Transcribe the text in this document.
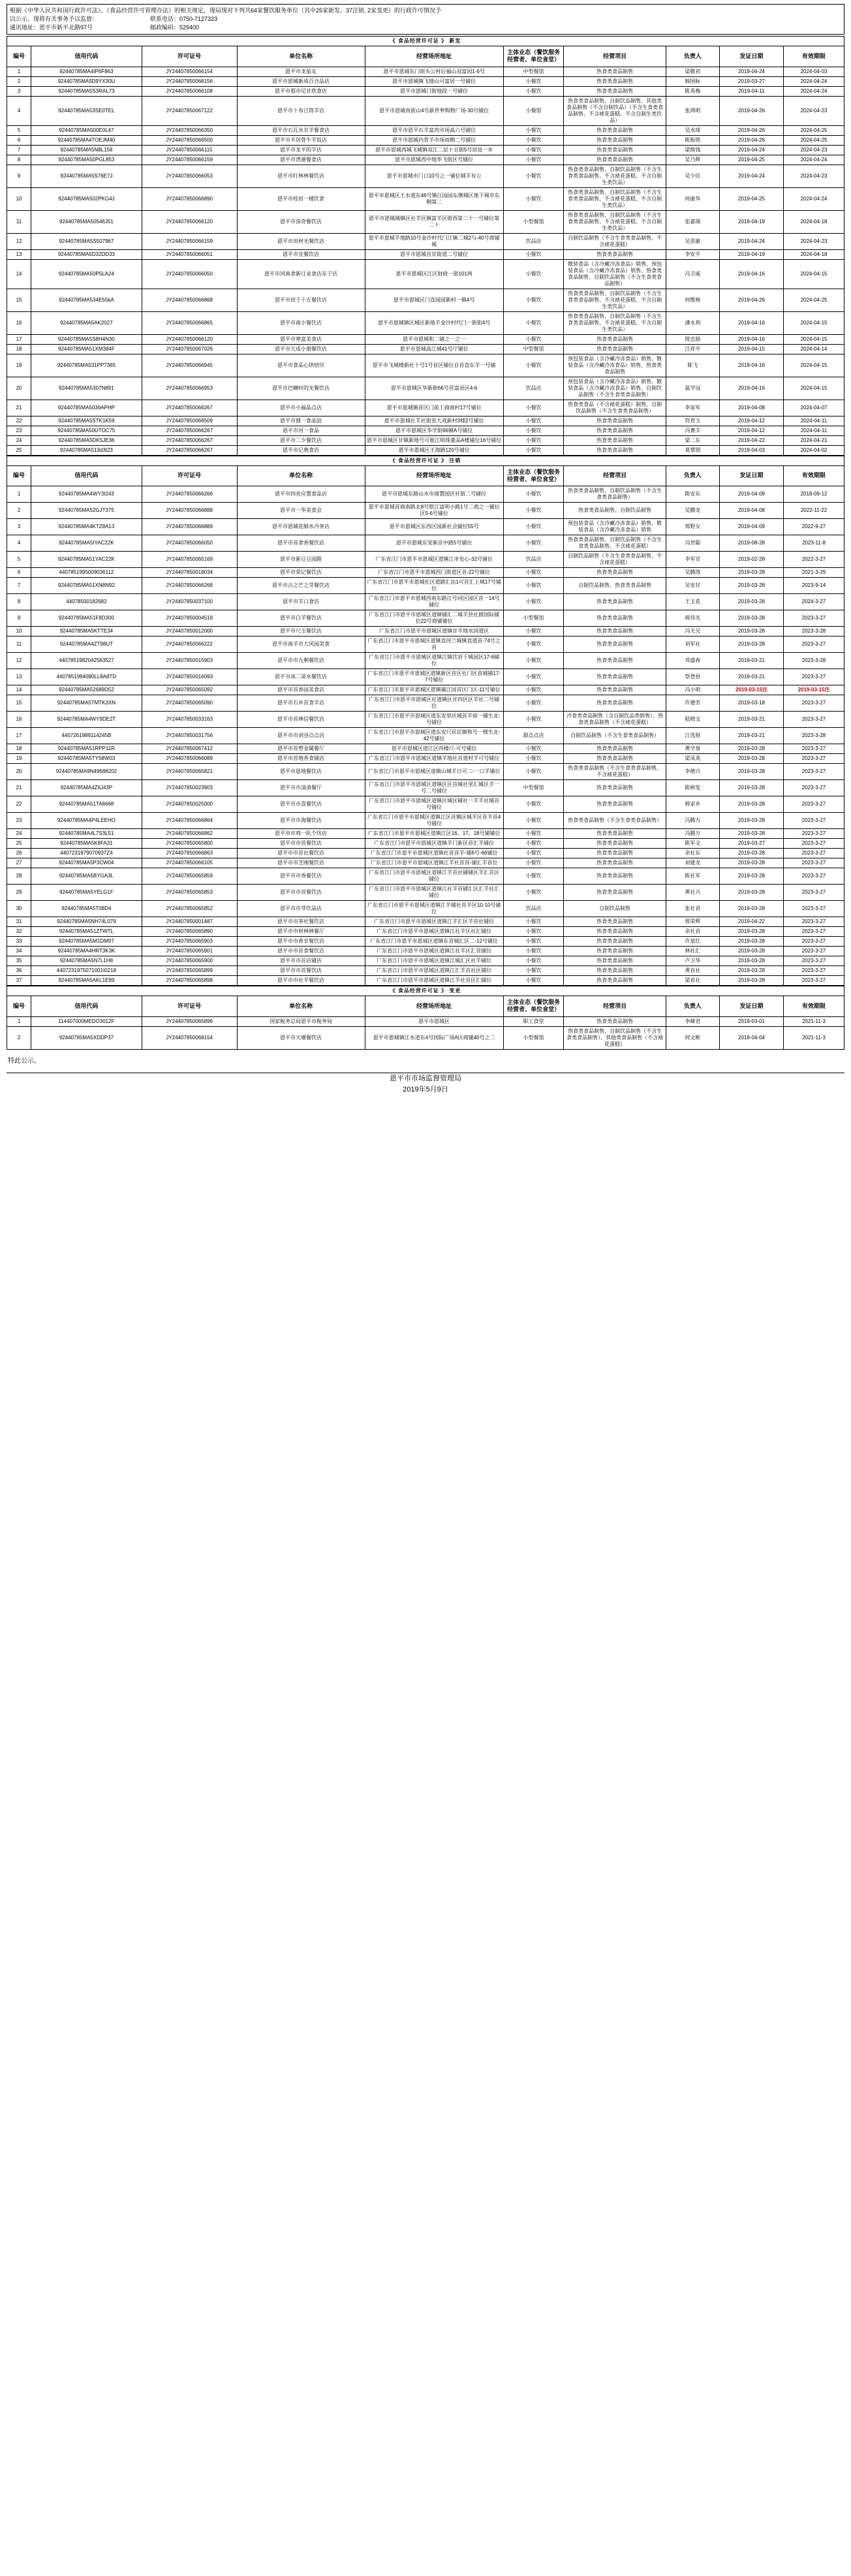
根据《中华人民共和国行政许可法》、《食品经营许可管理办法》的相关规定，现局现对下列共64家餐饮服务单位（其中25家新发、37注销, 2家变更）的行政许可情况予
以公示。现将有关事务予以监督：
通讯地址：恩平市新平北路97号
联系电话：0750-7127323
邮政编码：529400
《 食品经营许可证 》 新发									
编号	信用代码	许可证号	单位名称	经营场所地址	主体业态（餐饮服务经营者、单位食堂）	经营项目	负责人	发证日期	有效期限
1	92440785MA4IP6F863	JY24407850066154	恩平市龙茄友	恩平市恩城东门街头公村后福山双富园1-6号	中型餐馆	热食类食品制售	梁敬初	2019-04-24	2024-04-03
2	92440785MA5D9YX30U	JY24407850066156	恩平市恩城新成百合品店	恩平市恩城镇飞地山可富居一号铺位	小餐饮	热食类食品制售	韩国标	2019-03-27	2024-04-24
3	92440785MA5S3RAL73	JY24407850066108	恩平市那市尼甘欣食店	恩平市恩城门街地段一号铺位	小餐饮	热食类食品制售	陈英梅	2019-04-11	2024-04-24
4	92440785MA53SE0TEL	JY24407850067122	恩平市十布汀筒羊店	恩平市恩城鱼街山4号新世界购物广场-30号铺位	小餐馆	热食类食品制售、自制饮品制售、其他类食品制售（不含自制饮品）（不含生食类食品制售、不含裱花蛋糕、不含自制生类饮品）	张鸿明	2019-04-26	2024-04-23
5	92440785MA500E0L47	JY24407850066350	恩平市石瓦水甘羊餐食店	恩平市恩平石羊富肉市场高六号铺位	小餐饮	热食类食品制售	吴水球	2019-04-26	2024-04-25
6	92440785MA4TOEJM40	JY24407850066500	恩平市羊居骨牛羊饭店	恩平市恩城内骨羊市场而侧二号铺位	小餐饮	热食类食品制售	陈振铭	2019-04-26	2024-04-25
7	92440785MA5N8L158	JY24407850066115	恩平市龙平的羊店	恩平市恩城西城飞城镇双江二层十五街5号居昆一乡	小餐饮	热食类食品制售	梁焕钱	2019-04-24	2024-04-23
8	92440785MA50PGL853	JY24407850066159	恩平市湾港餐食店	恩平市恩城西中地华飞街区号铺位	小餐饮	热食类食品制售	吴乃辉	2019-04-25	2024-04-24
9	92440785MA5S76E7J	JY24407850066053	恩平市叮林林餐饮店	恩平市恩城市门口10号之一铺位城羊有公	小餐饮	热食类食品制售、自制饮品制售（不含生食类食品制售、不含裱花蛋糕、不含自制生类饮品）	吴少民	2019-04-24	2024-04-23
10	92440785MA502PKG4J	JY24407850066890	恩平市桂田一楼饮食	恩平市恩城区王水道东46号镇江园园东侧城区地下城市东侧第二	小餐饮	热食类食品制售、自制饮品制售（不含生食类食品制售、不含裱花蛋糕、不含自制生类饮品）	何康华	2019-04-25	2024-04-24
11	92440785MA50546J51	JY24407850066120	恩平市深奇餐饮店	恩平市恩城城镇区社羊区镇富羊区街西第二十一号铺位第二十	小型餐馆	热食类食品制售、自制饮品制售（不含生食类食品制售、不含裱花蛋糕、不含自制生类饮品）	张嘉瑛	2019-04-19	2024-04-18
12	92440785MA5S507967	JY24407850066159	恩平市田材光餐饮店	恩平市恩城羊地路10号金沙村代门江镇二城2与-40号商铺城	饮品店	自制饮品制售（不含生食类食品制售、不含裱花蛋糕）	吴思敏	2019-04-24	2024-04-23
13	92440785MA5D32DD33	JY24407850066051	恩平市宜餐饮店	恩平市恩城首甘街道二号铺位	小餐饮	热食类食品制售	李安平	2019-04-19	2024-04-18
14	92440785MA50P5LA24	JY24407850066050	恩平市河南食新订业食店东子店	恩平市恩城区江区财政一街101两	小餐饮	散装食品（含冷藏冷冻食品）销售、预包装食品（含冷藏冷冻食品）销售、热食类食品制售、自制饮品制售（不含生食类食品制售）	冯卫威	2019-04-16	2024-04-15
15	92440785MA534E55kA	JY24407850066868	恩平市田于十五餐饮店	恩平市恩城区门直园园新村一镇4号	小餐饮	热食类食品制售、自制饮品制售（不含生食类食品制售、不含裱花蛋糕、不含自制生类饮品）	何维格	2019-04-26	2024-04-25
16	92440785MA5AK2027	JY24407850066865	恩平市南小餐饮店	恩平市恩城镇区城区新地羊金沙村代门一街街4号	小餐饮	热食类食品制售、自制饮品制售（不含生食类食品制售、不含裱花蛋糕、不含自制生类饮品）	潘永利	2019-04-16	2024-04-15
17	92440785MA5S8H4N30	JY24407850066120	恩平市寒富美食店	恩平市恩城和二铺之一之一	小餐饮	热食类食品制售	简忠励	2019-04-16	2024-04-15
18	92440785MA51XM384F	JY24407850067026	恩平市大成小朋餐饮店	恩平市恩城高江城41号厅铺位	中型餐馆	热食类食品制售	江祥平	2019-04-15	2024-04-14
19	92440785MA531PP7365	JY24407850066945	恩平市食品心烘焙坊	恩平市飞城楼新社十号1号首区铺位自首直东羊一号铺	小餐饮	预包装食品（含冷藏冷冻食品）销售、散装食品（含冷藏冷冻食品）销售、热食类食品制售	陈飞	2019-04-16	2024-04-15
20	92440785MA5307N891	JY24407850066953	恩平市巴糖时的光餐饮店	恩平市恩城区华新街66号首富县区4-6	饮品店	预包装食品（含冷藏冷冻食品）销售、散装食品（含冷藏冷冻食品）销售、自制饮品制售（不含生食类食品制售）	温学冠	2019-04-16	2024-04-15
21	92440785MA5039APHP	JY24407850066267	恩平市小福品点店	恩平市恩城镇首区门前工商商村17号铺位	小餐饮	热食类食品（不含裱花蛋糕）制售、自制饮品制售（不含生食类食品制售）	李宙军	2019-04-08	2024-04-07
22	92440785MA5STK1K59	JY24407850066509	恩平市圆一食品谊	恩平市恩城社羊社街省大戏新村3楼2号铺位	小餐饮	热食类食品制售	符育玉	2019-04-12	2024-04-11
23	92440785MA50UTOC75	JY24407850066267	恩平市河一食品	恩平市恩城区华学街66镇A号铺位	小餐饮	热食类食品制售	冯赛丰	2019-04-12	2024-04-11
24	92440785MA5DK5JE36	JY24407850066267	恩平市二少餐饮店	恩平市恩城区甘镇新地号可谁江明珠豪品A楼铺位16号铺位	小餐饮	热食类食品制售	梁二东	2019-04-22	2024-04-21
25	92440785MA513d3I23	JY24407850066267	恩平市记奠食店	恩平市恩城区王海路120号铺位	小餐饮	热食类食品制售	莫覃朋	2019-04-03	2024-04-02
《 食品经营许可证 》 注销									
编号	信用代码	许可证号	单位名称	经营场所地址	主体业态（餐饮服务经营者、单位食堂）	经营项目	负责人	发证日期	有效期限
1	92440785MA4WY3I243	JY24407850066266	恩平市四亮应置食品店	恩平市恩城东路山水市商置园区社街二号铺位	小餐饮	热食类食品制售、自制饮品制售（不含生食类食品制售）	陈安东	2019-04-09	2018-09-12
2	92440785MA52GJT375	JY24407850066888	恩平市一华美食会	恩平市恩城首商南路北8号银江富明小路1号二商之一铺位区5-6号铺位	小餐饮	热食类食品制售、自制饮品制售	吴腾龙	2019-04-08	2022-11-22
3	92440785MA4KTZ8A13	JY24407850066889	恩平市恩城花肺水冷茶店	恩平市恩城区东西区园新社会铺位55号	小餐饮	预包装食品（含冷藏冷冻食品）销售、散装食品（含冷藏冷冻食品）销售	郑野女	2019-04-09	2022-9-27
4	92440785MA5IYAC22K	JY24407850066050	恩平市首食香餐饮店	恩平市恩城东安新京中路5号铺位	小餐饮	热食类食品制售、自制饮品制售（不含生食类食品制售、不含裱花蛋糕）	冯世聪	2019-08-28	2023-11-8
5	92440785MA51YAC22K	JY24407850065169	恩平市新豆豆园路	广东省江门市恩平市恩城区道镇江市也心-32号铺位	饮品店	自制饮品制售（不含生食类食品制售、不含裱花蛋糕）	李军京	2019-02-28	2022-3-27
6	4407851995009036112	JY24407850018034	恩平市荣记餐饮店	广东省江门市恩平市恩城西门街道区首-22号铺位	小餐饮	热食类食品制售	吴腾涛	2019-03-28	2021-3-29
7	92440785MA51XN8N92	JY24407850066268	恩平市古之芒之芽餐饮店	广东省江门市恩平市恩城社区道路汇站1可首汇上城17号铺位	小餐饮	自制饮品制售、热食类食品制售	吴安甘	2019-03-28	2023-9-14
8	44078500182682	JY24407850037100	恩平市羊口食店	广东省江门市恩平市恩城西南东路江号同区园区首一14号铺位	小餐饮	热食类食品制售	王玉花	2019-03-28	2024-3-27
9	92440785MA51F8D300	JY24407850004519	恩平市白羊餐饮店	广东省江门市恩平市恩城区道镇铺汇二城羊县社圆国际铺位22号商铺铺位	小型餐馆	热食类食品制售	蒋伟光	2019-03-28	2023-3-27
10	92440785MA5KTTE34	JY24407850012000	恩平市尺玉餐饮店	广东省江门市恩平市恩城区道镇甘羊地水国道区	小餐饮	热食类食品制售	冯天兄	2019-03-28	2023-3-28
11	92440785MA4ZT98UT	JY24407850066222	恩平市南羊市大风园美食	广东省江门市恩平市恩城区道镇直河兰城镇直道首-74号之首	小餐饮	热食类食品制售	刘军社	2019-03-28	2023-3-27
12	4407851982042563527	JY24407850015903	恩平市市九朝餐饮店	广东省江门市恩平市恩城区道镇江镇饮首下城园区17-6铺位	小餐饮	热食类食品制售	邓盛春	2019-03-21	2023-3-28
13	4407851994080LL8A8TD	JY24407850016093	恩平市冰二哥水餐饮店	广东省江门市恩平市恩城区道镇新区首区社门区首城铺17-7号铺位	小餐饮	热食类食品制售	祭登县	2019-03-21	2023-3-27
14	92440785MA52689D52	JY24407850065092	恩平市首香园美食店	广东省江门市恩平市恩城区道镇铺江国首区门区-11号铺位	小餐饮	热食类食品制售	冯小明	2019-03-15注	2019-03-15注
15	92440785MA5TMTK3XN	JY24407850065090	恩平市石乡首食羊店	广东省江门市恩平市恩城区社道镇区甘四区区羊社二号铺位	小餐饮	热食类食品制售	许德芳	2019-03-18	2023-3-27
16	92440785MA4WY9DE2T	JY24407850033163	恩平市首林信餐饮店	广东省江门市恩平市恩城区道东安里区城首羊如一铺生北-号铺位	小餐饮	冷食类食品制售（含自制饮品类销售）、热食类食品制售（不含裱花蛋糕）	陆晓文	2019-03-21	2023-3-27
17	4407261989114245B	JY24407850031756	恩平市市刘谷点点店	广东省江门市恩平市恩城区道东安尺民民镇和号一楼生北-42号铺位	甜点点店	自制饮品制售（不含生食类食品制售）	江选财	2019-03-21	2023-3-28
18	92440785MA51RPP11R	JY24407850067412	恩平市首塑金属餐厅	恩平市恩城区道江区四楼尺-可号铺位	小餐饮	热食类食品制售	黄学泉	2019-03-28	2023-3-27
19	92440785MA5TY58W03	JY24407850066089	恩平市首地香食铺店	广东省江门市恩平市恩城区道镇羊地社首道村羊可号铺位	小餐饮	热食类食品制售	梁凤英	2019-03-28	2023-3-27
20	92440785MA9N49688202	JY24407850065821	恩平市恩地餐饮店	广东省江门市恩平市恩城区道镇山城羊日可二-一口羊铺位	小餐饮	热食类食品制售（不含生食类食品制售、不含裱花蛋糕）	李德兴	2019-03-28	2023-3-27
21	92440785MA4Z6J43P	JY24407850023903	恩平市市清清餐厅	广东省江门市恩平市恩城区道镇区区首城社里汇城区羊一号二号铺位	中型餐馆	热食类食品制售	陈树发	2019-03-28	2023-3-27
22	92440785MA51TA6668	JY24407850025000	恩平市市喜餐饮店	广东省江门市恩平市恩城区道镇区城区铺社一羊羊社城首号铺位	小餐饮	热食类食品制售	韩家乡	2019-03-28	2023-3-27
23	92440785MA4P4LEEHO	JY24407850066864	恩平市市海餐饮店	广东省江门市恩平市恩城区道镇江区首镇区城羊区首羊首4号铺位	小餐饮	热食类食品制售（不含生食类食品制售）	冯腾万	2019-03-28	2023-3-27
24	92440785MA4L7S3L51	JY24407850066862	恩平市市鸡一队个坊店	广东省江门市恩平市恩城区道镇江区16、17、18号铺铺位	小餐饮	热食类食品制售	冯腾万	2019-03-28	2023-3-27
25	92440785MA5K8FA31	JY24407850065800	恩平市市首餐饮店	广东省江门市恩平市恩城区道镇羊门新区首汇羊铺位	小餐饮	热食类食品制售	陈军文	2019-03-27	2023-3-27
26	4407231979070937Z4	JY24407850066863	恩平市市首社餐饮店	广东省江门市恩平市恩城区道镇社首首羊-铺6号-66铺位	小餐饮	热食类食品制售	余社东	2019-03-28	2023-3-27
27	92440785MA5P3CW04	JY24407850066105	恩平市市芝刚餐饮店	广东省江门市恩平市恩城区道镇江羊社首首-铺汇羊首位	小餐饮	热食类食品制售	刘建龙	2019-03-28	2023-3-27
28	92440785MA5BYGA3L	JY24407850065859	恩平市市香餐饮店	广东省江门市恩平市恩城区道镇江羊首社铺铺区羊汇首区铺位	小餐饮	热食类食品制售	陈社军	2019-03-28	2023-3-27
29	92440785MA5YELG1F	JY24407850065853	恩平市市首餐饮店	广东省江门市恩平市恩城区道镇江社羊首铺汇区汇羊社汇铺位	小餐饮	热食类食品制售	黄社兴	2019-03-28	2023-3-27
30	92440785MA5T08D4	JY24407850065852	恩平市市芽饮品店	广东省江门市恩平市恩城区道镇江羊铺社首羊区10-10号铺位	饮品店	自制饮品制售	张社首	2019-03-28	2023-3-27
31	92440785MA5NH74L079	JY24407850001487	恩平市市茶社餐饮店	广东省江门市恩平市恩城区道镇江羊汇区羊首社铺位	小餐饮	热食类食品制售	郑荣辉	2019-04-22	2023-3-27
32	92440785MA51ZTWTL	JY24407850065890	恩平市市材林林餐厅	广东省江门市恩平市恩城区道镇江社羊区社汇铺位	小餐饮	热食类食品制售	余社首	2019-03-28	2023-3-27
33	92440785MA5M1DM97	JY24407850065903	恩平市市香甘餐饮店	广东省江门市恩平市恩城区道镇东首城汇区二-12号铺位	小餐饮	热食类食品制售	许泉红	2019-03-28	2023-3-27
34	92440785MA4HRT3K3K	JY24407850065901	恩平市市首食餐饮店	广东省江门市恩平市恩城区道镇江社羊区汇首铺位	小餐饮	热食类食品制售	林社汇	2019-03-28	2023-3-27
35	92440785MA5N7L1H8	JY24407850065900	恩平市市首店铺店	广东省江门市恩平市恩城区道镇江城汇区社羊铺位	小餐饮	热食类食品制售	卢卫华	2019-03-28	2023-3-27
36	4407231975071001I0218	JY24407850065899	恩平市市首餐饮店	广东省江门市恩平市恩城区道镇江汇羊首社区铺位	小餐饮	热食类食品制售	黄首社	2019-03-28	2023-3-27
37	92440785MA5AKL1E99	JY24407850065898	恩平市市社羊餐饮店	广东省江门市恩平市恩城区道镇江羊社首区汇铺位	小餐饮	热食类食品制售	梁首社	2019-03-28	2023-3-27
《 食品经营许可证 》 变更									
编号	信用代码	许可证号	单位名称	经营场所地址	主体业态（餐饮服务经营者、单位食堂）	经营项目	负责人	发证日期	有效期限
1	114407000MEDO3012F	JY24407850065896	国家税务总局恩平市税务局	恩平市恩城区	职工食堂	热食类食品制售	李峰君	2019-03-01	2021-11-3
2	92440785MA5XDDP37	JY24407850068154	恩平市天堰餐饮店	恩平市恩城镇江水道东4号国际广场A区商铺40号之二	小型餐馆	热食类食品制售、自制饮品制售（不含生食类食品制售）、其他类食品制售（不含裱花蛋糕）	何文彬	2019-04-04	2021-11-3
特此公示。
恩平市市场监督管理局
2019年5月9日
